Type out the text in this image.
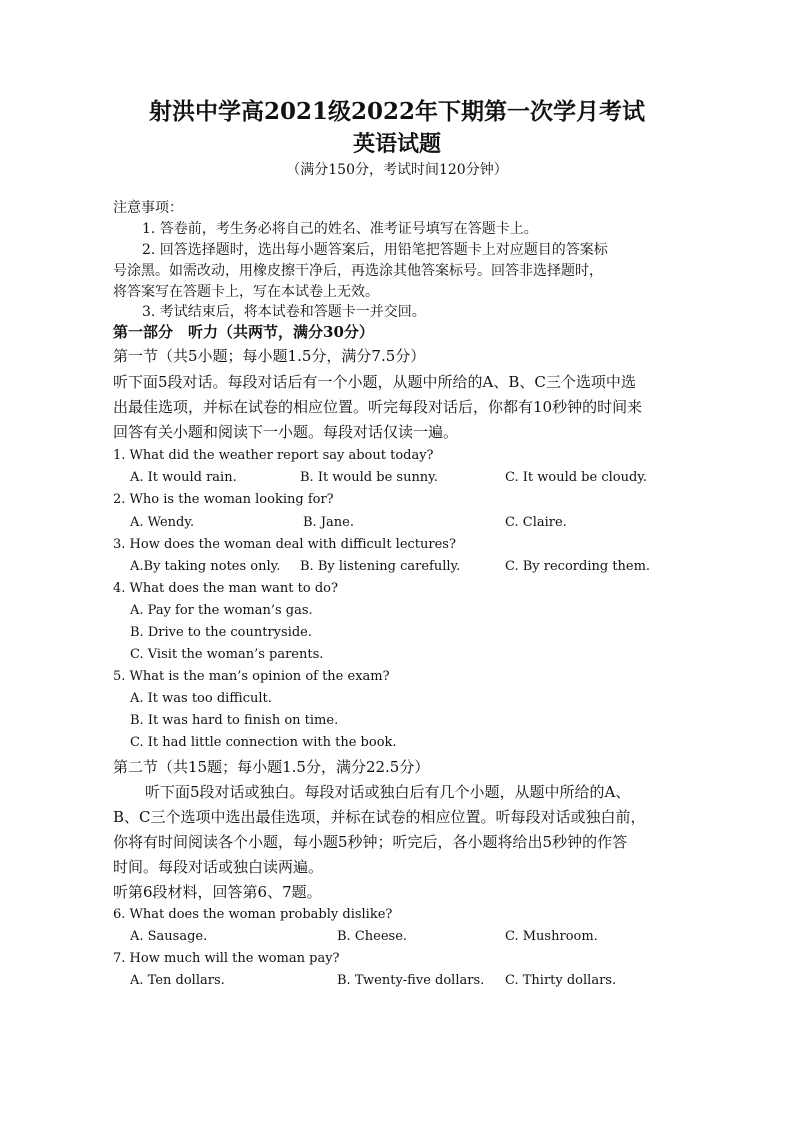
射洪中学高2021级2022年下期第一次学月考试
英语试题
（满分150分，考试时间120分钟）
注意事项：
1. 答卷前，考生务必将自己的姓名、准考证号填写在答题卡上。
2. 回答选择题时，选出每小题答案后，用铅笔把答题卡上对应题目的答案标
号涂黑。如需改动，用橡皮擦干净后，再选涂其他答案标号。回答非选择题时，
将答案写在答题卡上，写在本试卷上无效。
3. 考试结束后，将本试卷和答题卡一并交回。
第一部分　听力（共两节，满分30分）
第一节（共5小题；每小题1.5分，满分7.5分）
听下面5段对话。每段对话后有一个小题，从题中所给的A、B、C三个选项中选
出最佳选项，并标在试卷的相应位置。听完每段对话后，你都有10秒钟的时间来
回答有关小题和阅读下一小题。每段对话仅读一遍。
1. What did the weather report say about today?
A. It would rain.	B. It would be sunny.	C. It would be cloudy.
2. Who is the woman looking for?
A. Wendy.	B. Jane.	C. Claire.
3. How does the woman deal with difficult lectures?
A.By taking notes only. B. By listening carefully.	C. By recording them.
4. What does the man want to do?
A. Pay for the woman’s gas.
B. Drive to the countryside.
C. Visit the woman’s parents.
5. What is the man’s opinion of the exam?
A. It was too difficult.
B. It was hard to finish on time.
C. It had little connection with the book.
第二节（共15题；每小题1.5分，满分22.5分）
听下面5段对话或独白。每段对话或独白后有几个小题，从题中所给的A、
B、C三个选项中选出最佳选项，并标在试卷的相应位置。听每段对话或独白前，
你将有时间阅读各个小题，每小题5秒钟；听完后，各小题将给出5秒钟的作答
时间。每段对话或独白读两遍。
听第6段材料，回答第6、7题。
6. What does the woman probably dislike?
A. Sausage.	B. Cheese.	C. Mushroom.
7. How much will the woman pay?
A. Ten dollars.	B. Twenty-five dollars. C. Thirty dollars.
